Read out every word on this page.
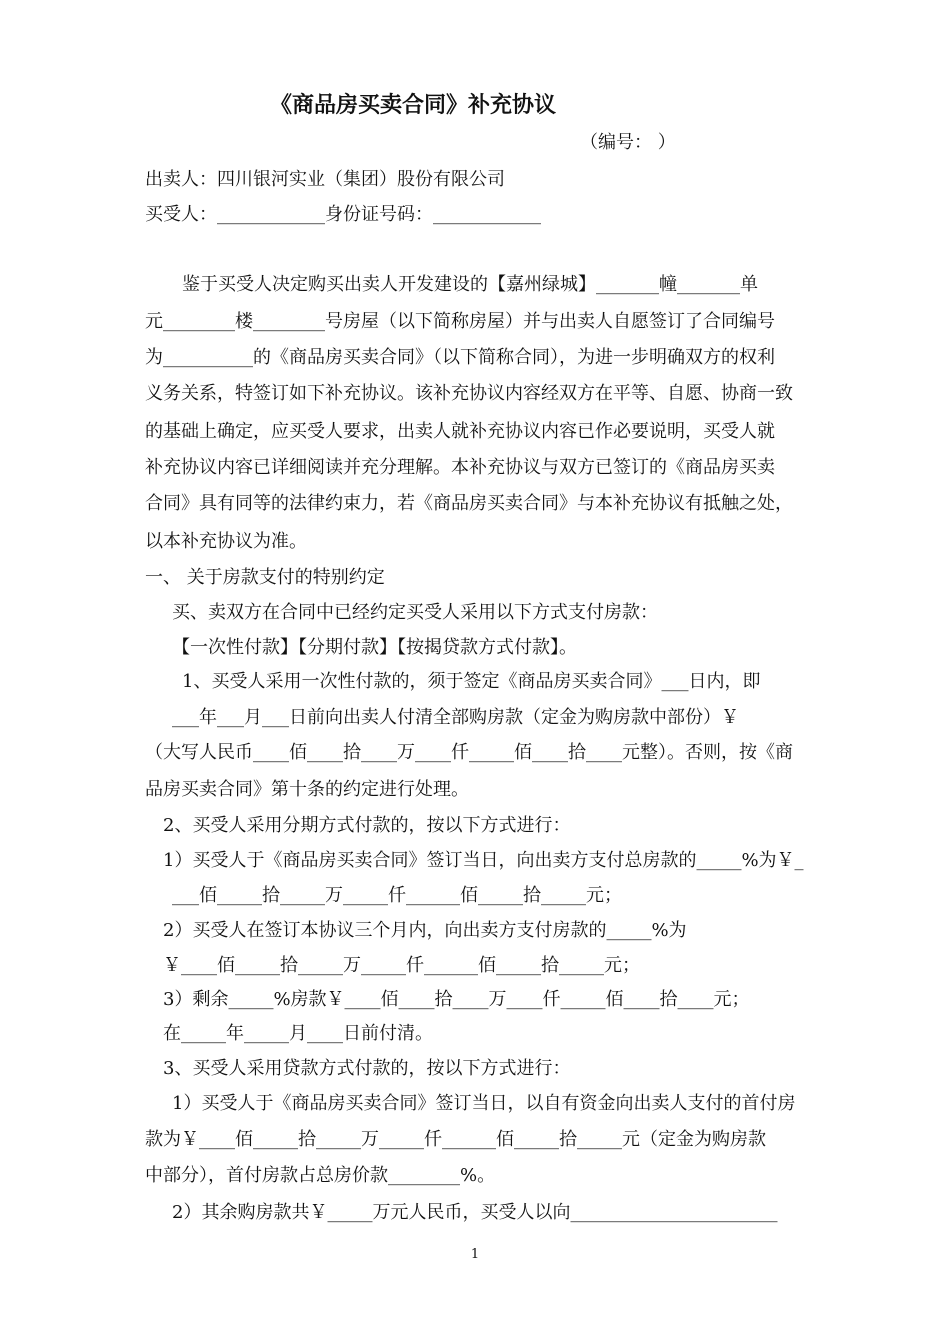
《商品房买卖合同》补充协议
（编号： ）
出卖人：四川银河实业（集团）股份有限公司
买受人：____________身份证号码：____________
鉴于买受人决定购买出卖人开发建设的【嘉州绿城】_______幢_______单
元________楼________号房屋（以下简称房屋）并与出卖人自愿签订了合同编号
为__________的《商品房买卖合同》（以下简称合同），为进一步明确双方的权利
义务关系，特签订如下补充协议。该补充协议内容经双方在平等、自愿、协商一致
的基础上确定，应买受人要求，出卖人就补充协议内容已作必要说明，买受人就
补充协议内容已详细阅读并充分理解。本补充协议与双方已签订的《商品房买卖
合同》具有同等的法律约束力，若《商品房买卖合同》与本补充协议有抵触之处，
以本补充协议为准。
一、 关于房款支付的特别约定
买、卖双方在合同中已经约定买受人采用以下方式支付房款：
【一次性付款】【分期付款】【按揭贷款方式付款】。
1、买受人采用一次性付款的，须于签定《商品房买卖合同》___日内，即
___年___月___日前向出卖人付清全部购房款（定金为购房款中部份）￥
（大写人民币____佰____拾____万____仟_____佰____拾____元整）。否则，按《商
品房买卖合同》第十条的约定进行处理。
2、买受人采用分期方式付款的，按以下方式进行：
1）买受人于《商品房买卖合同》签订当日，向出卖方支付总房款的_____%为￥_
___佰_____拾_____万_____仟______佰_____拾_____元；
2）买受人在签订本协议三个月内，向出卖方支付房款的_____%为
￥____佰_____拾_____万_____仟______佰_____拾_____元；
3）剩余_____%房款￥____佰____拾____万____仟_____佰____拾____元；
在_____年_____月____日前付清。
3、买受人采用贷款方式付款的，按以下方式进行：
1）买受人于《商品房买卖合同》签订当日，以自有资金向出卖人支付的首付房
款为￥____佰_____拾_____万_____仟______佰_____拾_____元（定金为购房款
中部分），首付房款占总房价款________%。
2）其余购房款共￥_____万元人民币，买受人以向_______________________
1
